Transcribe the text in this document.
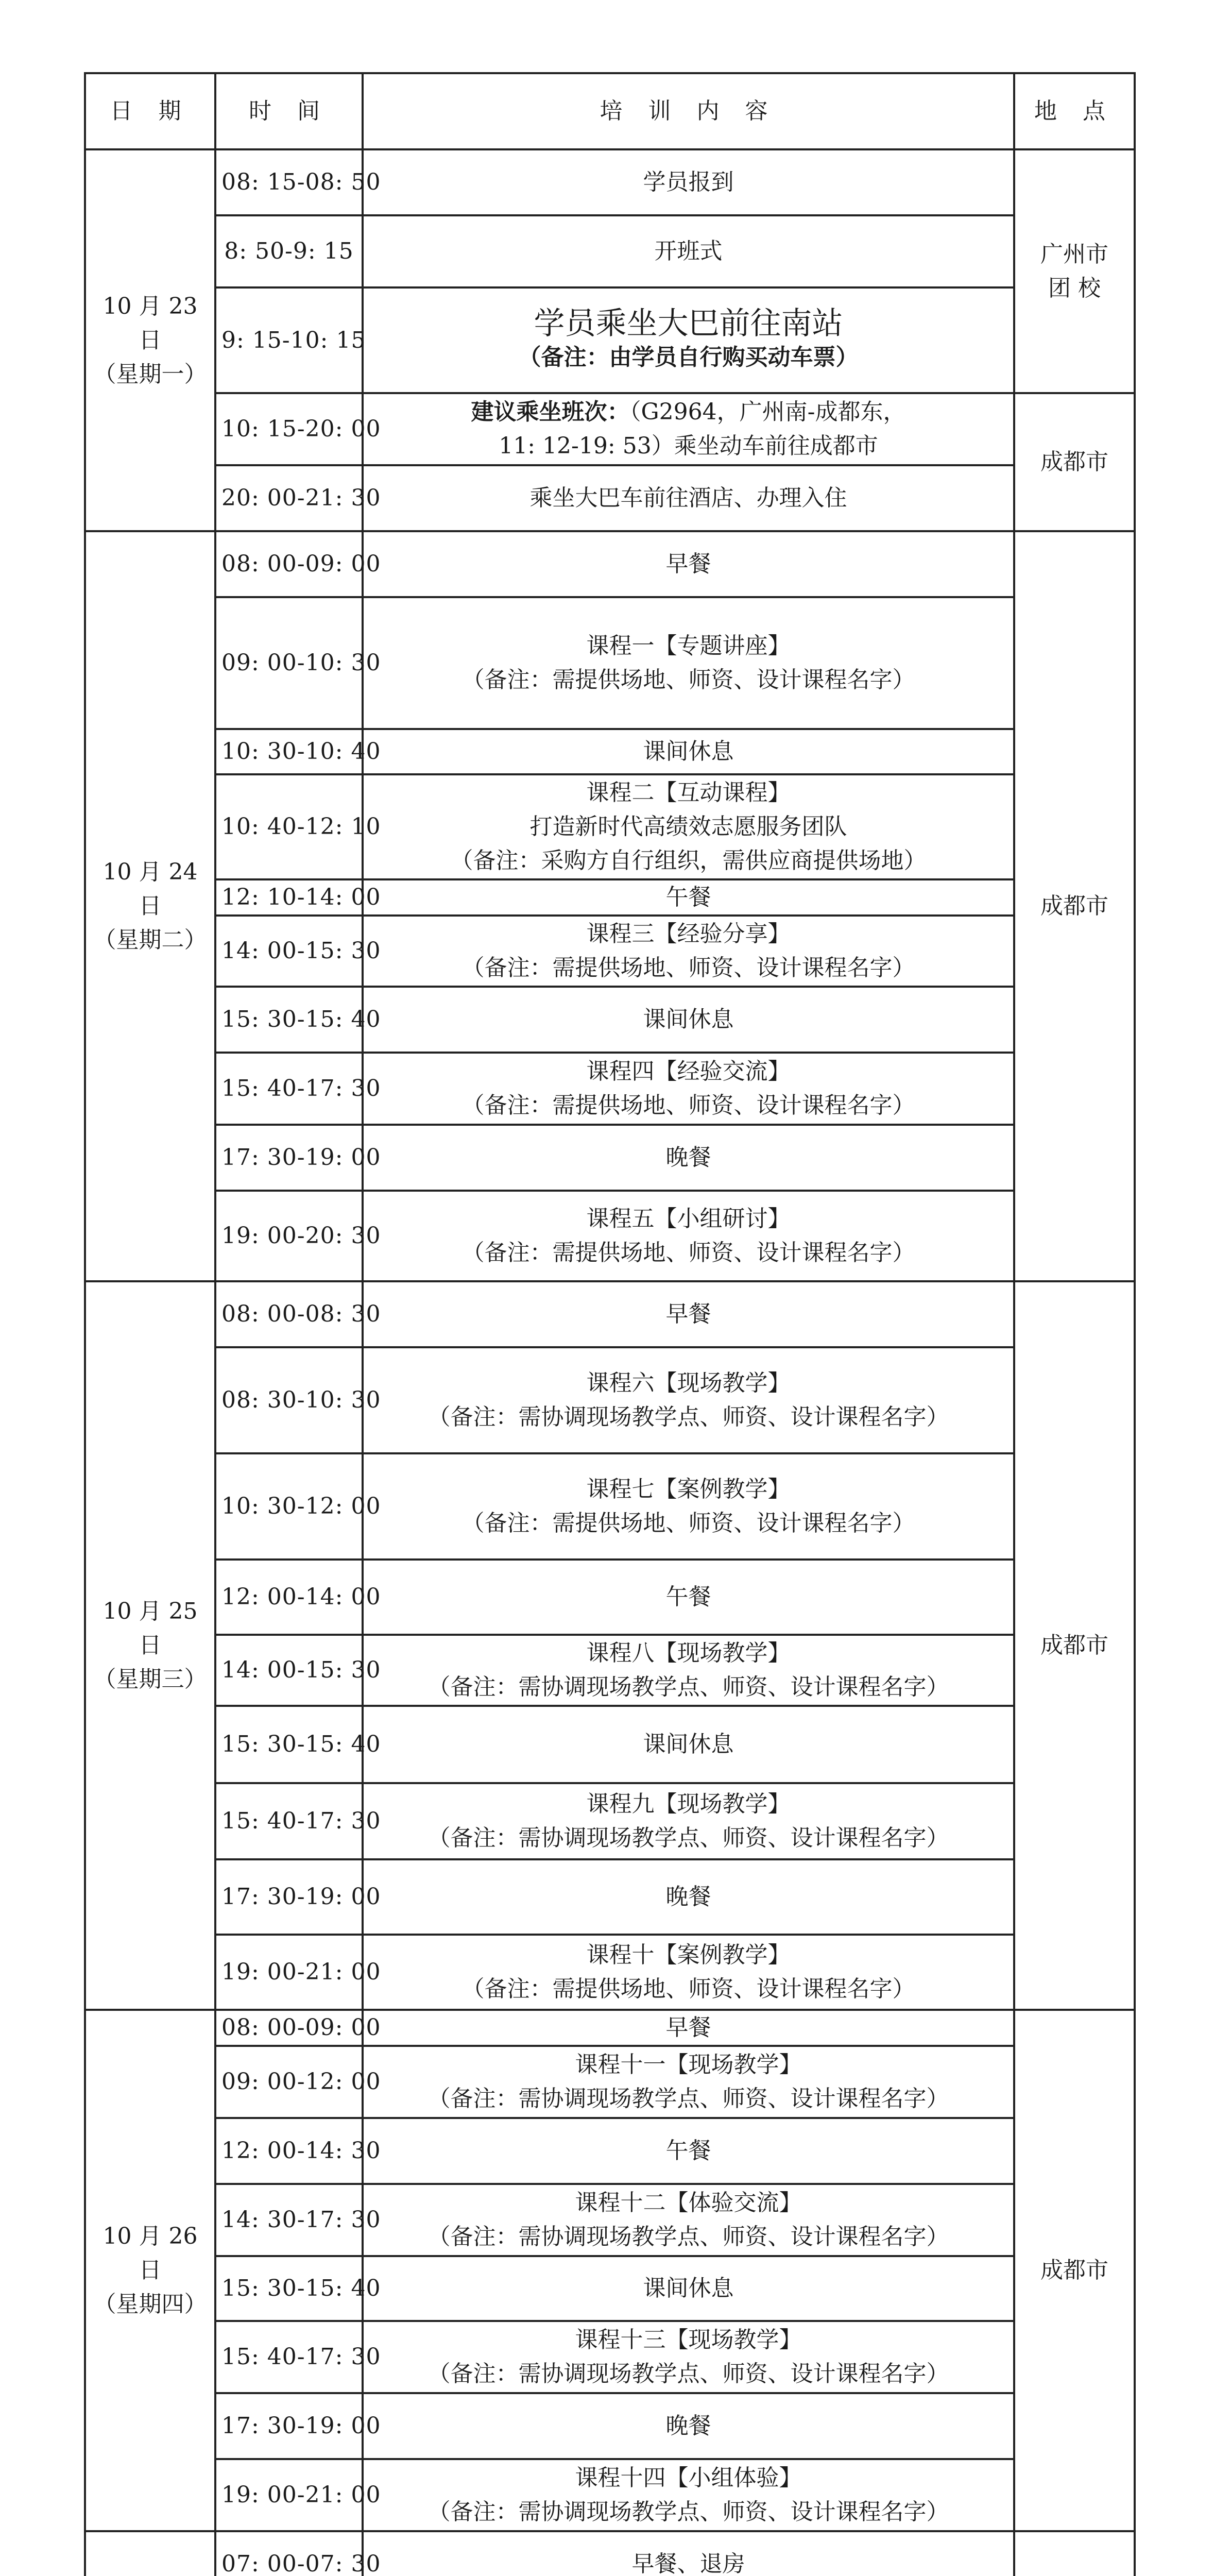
日 期	时 间	培 训 内 容	地 点

10 月 23 日
（星期一）	08: 15-08: 50	学员报到	广州市
团 校

	8: 50-9: 15	开班式	
	9: 15-10: 15	学员乘坐大巴前往南站
（备注：由学员自行购买动车票）	

	10: 15-20: 00	建议乘坐班次：（G2964，广州南-成都东，
11: 12-19: 53）乘坐动车前往成都市	成都市
	20: 00-21: 30	乘坐大巴车前往酒店、办理入住	

10 月 24 日
（星期二）	08: 00-09: 00	早餐	成都市
	09: 00-10: 30	课程一【专题讲座】
（备注：需提供场地、师资、设计课程名字）	

	10: 30-10: 40	课间休息	
	10: 40-12: 10	课程二【互动课程】
打造新时代高绩效志愿服务团队
（备注：采购方自行组织，需供应商提供场地）	

	12: 10-14: 00	午餐	
	14: 00-15: 30	课程三【经验分享】
（备注：需提供场地、师资、设计课程名字）	

	15: 30-15: 40	课间休息	
	15: 40-17: 30	课程四【经验交流】
（备注：需提供场地、师资、设计课程名字）	

	17: 30-19: 00	晚餐	
	19: 00-20: 30	课程五【小组研讨】
（备注：需提供场地、师资、设计课程名字）	

10 月 25 日
（星期三）	08: 00-08: 30	早餐	成都市
	08: 30-10: 30	课程六【现场教学】
（备注：需协调现场教学点、师资、设计课程名字）	

	10: 30-12: 00	课程七【案例教学】
（备注：需提供场地、师资、设计课程名字）	

	12: 00-14: 00	午餐	
	14: 00-15: 30	课程八【现场教学】
（备注：需协调现场教学点、师资、设计课程名字）	

	15: 30-15: 40	课间休息	
	15: 40-17: 30	课程九【现场教学】
（备注：需协调现场教学点、师资、设计课程名字）	

	17: 30-19: 00	晚餐	
	19: 00-21: 00	课程十【案例教学】
（备注：需提供场地、师资、设计课程名字）	

10 月 26 日
（星期四）	08: 00-09: 00	早餐	成都市
	09: 00-12: 00	课程十一【现场教学】
（备注：需协调现场教学点、师资、设计课程名字）	

	12: 00-14: 30	午餐	
	14: 30-17: 30	课程十二【体验交流】
（备注：需协调现场教学点、师资、设计课程名字）	

	15: 30-15: 40	课间休息	
	15: 40-17: 30	课程十三【现场教学】
（备注：需协调现场教学点、师资、设计课程名字）	

	17: 30-19: 00	晚餐	
	19: 00-21: 00	课程十四【小组体验】
（备注：需协调现场教学点、师资、设计课程名字）	

	07: 00-07: 30	早餐、退房	
